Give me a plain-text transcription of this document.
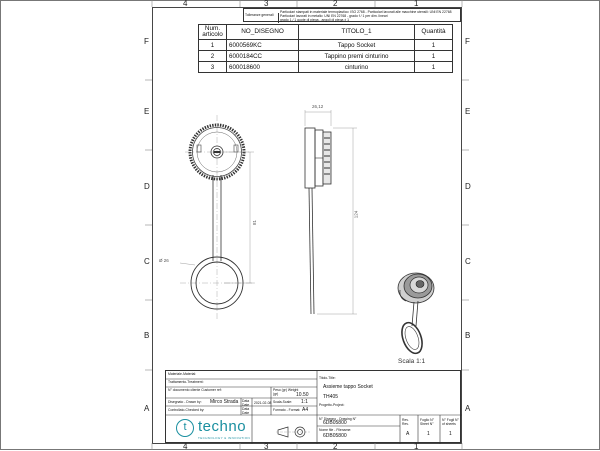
4	3	2	1
4	3	2	1
F
E
D
C
B
A
F
E
D
C
B
A
Tolleranze generali
Particolari stampati in materiale termoplastico: ISO 2768 - Particolari lavorati alle macchine utensili: UNI EN 22768
Particolari lavorati in metallo: UNI EN 22768 - grado f / 1 per dim. lineari
grado 1 / 1 quote di piega - angoli di piega ± 1
Num. articolo	NO_DISEGNO	TITOLO_1	Quantità
1	6000569KC	Tappo Socket	1
2	6000184CC	Tappino premi cinturino	1
3	600018600	cinturino	1
81
Ø 26
26,12
124
Scala 1:1
Materiale-Material:
Trattamento-Treatment:
N° documento cliente Customer ref:	Peso (gr) Weight (gr)	10.50
Disegnato - Drawn by: Mirco Strada Data Date	2021-02-08 Scala-Scale: 1:1
Controllato-Checked by:	Data Date
Formato - Format: A4
Titolo-Title:
Assieme tappo Socket
TH405
Progetto-Project:
N° Disegno - Drawing N°
6DB05800
Nome file - Filename:
6DB05800
Rev. Rev.
A
Foglio N° Sheet N°
1
N° Fogli N° of sheets
1
t techno
TECHNOLOGY & INNOVATION
